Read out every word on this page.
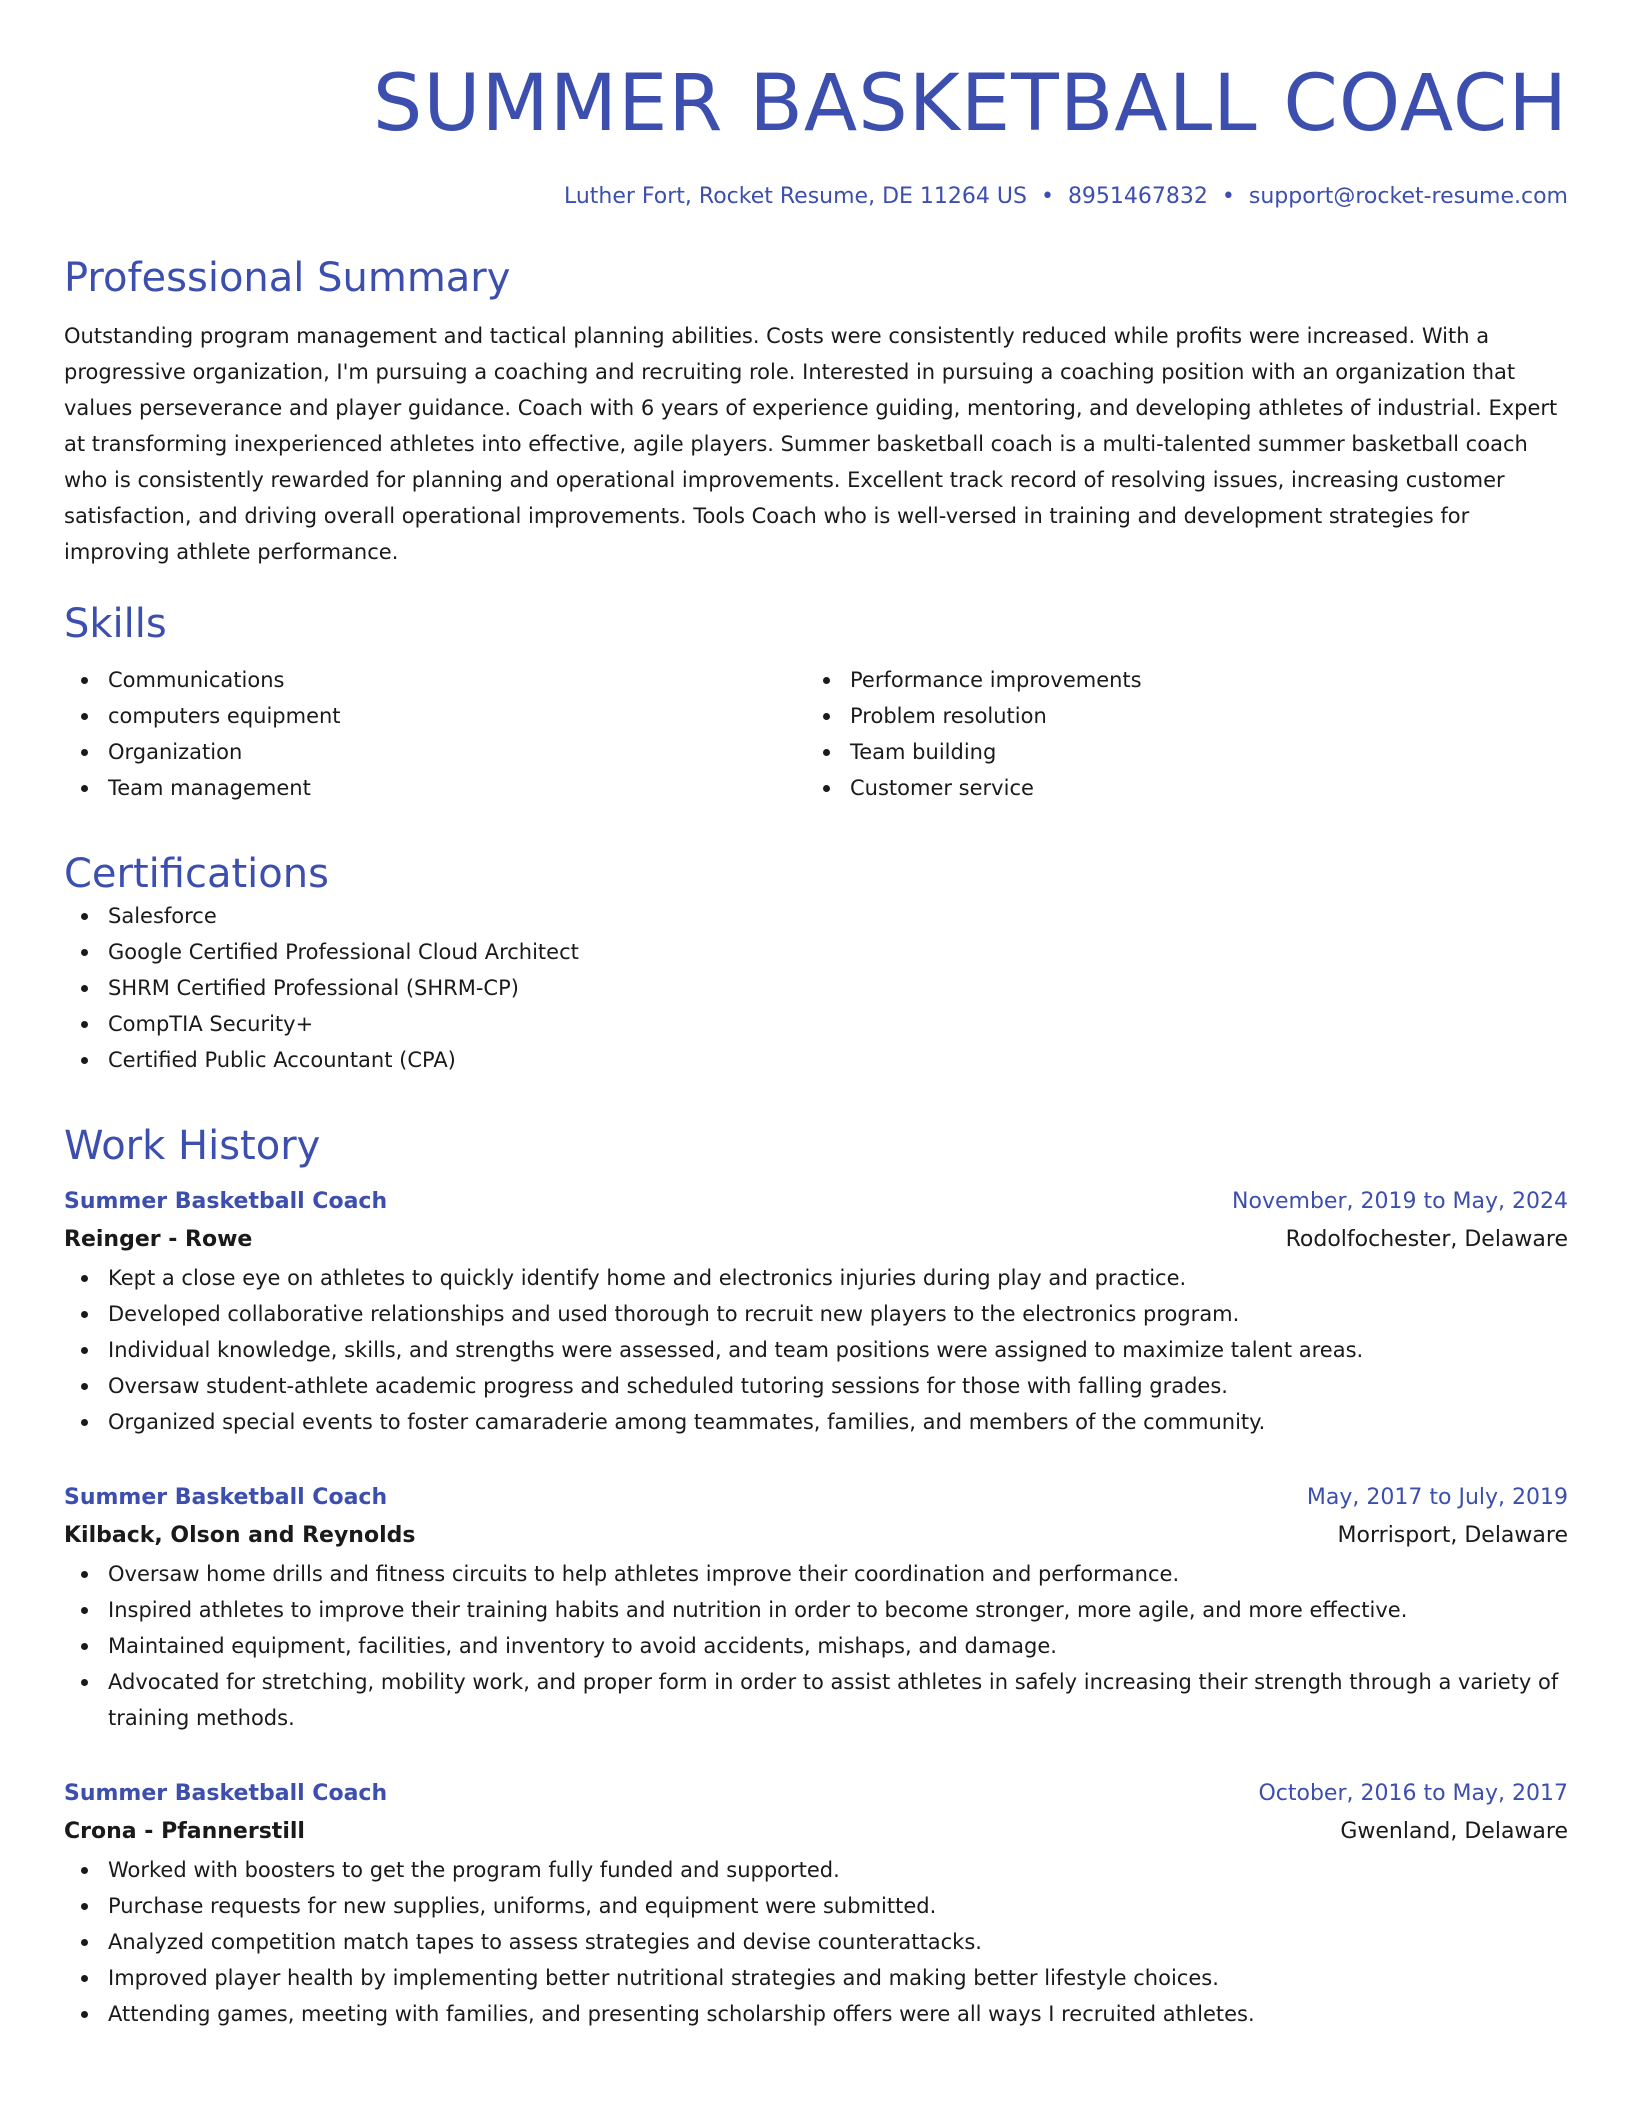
SUMMER BASKETBALL COACH
Luther Fort, Rocket Resume, DE 11264 US • 8951467832 • support@rocket-resume.com
Professional Summary

Outstanding program management and tactical planning abilities. Costs were consistently reduced while profits were increased. With a progressive organization, I'm pursuing a coaching and recruiting role. Interested in pursuing a coaching position with an organization that values perseverance and player guidance. Coach with 6 years of experience guiding, mentoring, and developing athletes of industrial. Expert at transforming inexperienced athletes into effective, agile players. Summer basketball coach is a multi-talented summer basketball coach who is consistently rewarded for planning and operational improvements. Excellent track record of resolving issues, increasing customer satisfaction, and driving overall operational improvements. Tools Coach who is well-versed in training and development strategies for improving athlete performance.

Skills
Communications
computers equipment
Organization
Team management
Performance improvements
Problem resolution
Team building
Customer service
Certifications
Salesforce
Google Certified Professional Cloud Architect
SHRM Certified Professional (SHRM-CP)
CompTIA Security+
Certified Public Accountant (CPA)
Work History
Summer Basketball Coach	November, 2019 to May, 2024
Reinger - Rowe	Rodolfochester, Delaware
Kept a close eye on athletes to quickly identify home and electronics injuries during play and practice.
Developed collaborative relationships and used thorough to recruit new players to the electronics program.
Individual knowledge, skills, and strengths were assessed, and team positions were assigned to maximize talent areas.
Oversaw student-athlete academic progress and scheduled tutoring sessions for those with falling grades.
Organized special events to foster camaraderie among teammates, families, and members of the community.
Summer Basketball Coach	May, 2017 to July, 2019
Kilback, Olson and Reynolds	Morrisport, Delaware
Oversaw home drills and fitness circuits to help athletes improve their coordination and performance.
Inspired athletes to improve their training habits and nutrition in order to become stronger, more agile, and more effective.
Maintained equipment, facilities, and inventory to avoid accidents, mishaps, and damage.
Advocated for stretching, mobility work, and proper form in order to assist athletes in safely increasing their strength through a variety of training methods.
Summer Basketball Coach	October, 2016 to May, 2017
Crona - Pfannerstill	Gwenland, Delaware
Worked with boosters to get the program fully funded and supported.
Purchase requests for new supplies, uniforms, and equipment were submitted.
Analyzed competition match tapes to assess strategies and devise counterattacks.
Improved player health by implementing better nutritional strategies and making better lifestyle choices.
Attending games, meeting with families, and presenting scholarship offers were all ways I recruited athletes.
